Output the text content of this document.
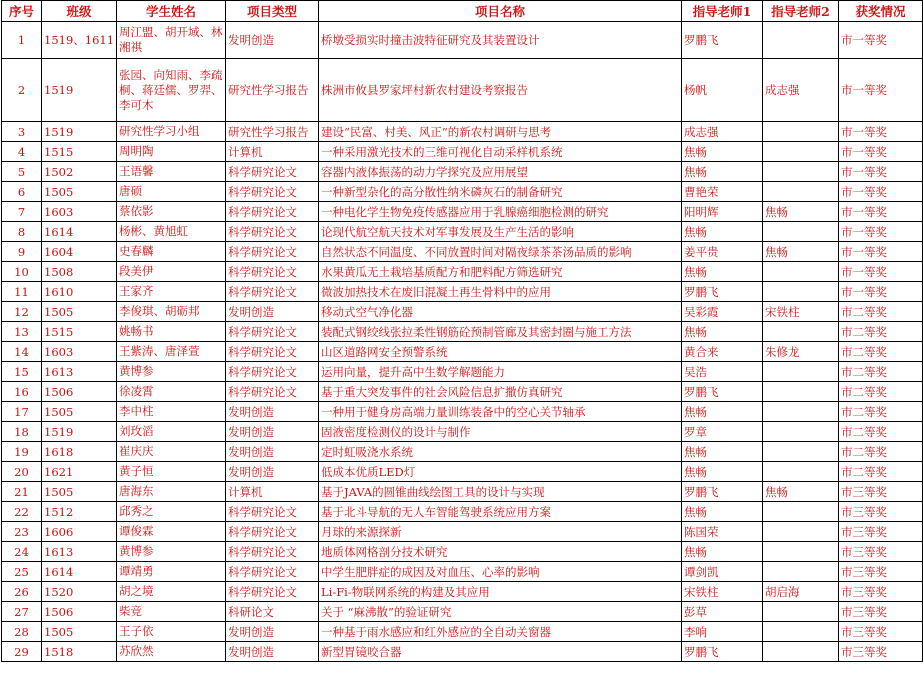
序号	班级	学生姓名	项目类型	项目名称	指导老师1	指导老师2	获奖情况
1	1519、1611	周江盟、胡开域、林湘祺	发明创造	桥墩受损实时撞击波特征研究及其装置设计	罗鹏飞		市一等奖
2	1519	张园、向知雨、李疏桐、蒋廷儒、罗羿、李可木	研究性学习报告	株洲市攸县罗家坪村新农村建设考察报告	杨帆	成志强	市一等奖
3	1519	研究性学习小组	研究性学习报告	建设“民富、村美、风正”的新农村调研与思考	成志强		市一等奖
4	1515	周明陶	计算机	一种采用激光技术的三维可视化自动采样机系统	焦畅		市一等奖
5	1502	王语馨	科学研究论文	容器内液体振荡的动力学探究及应用展望	焦畅		市一等奖
6	1505	唐硕	科学研究论文	一种新型杂化的高分散性纳米磷灰石的制备研究	曹艳荣		市一等奖
7	1603	蔡依影	科学研究论文	一种电化学生物免疫传感器应用于乳腺癌细胞检测的研究	阳明辉	焦畅	市一等奖
8	1614	杨彬、黄旭虹	科学研究论文	论现代航空航天技术对军事发展及生产生活的影响	焦畅		市一等奖
9	1604	史春麟	科学研究论文	自然状态不同温度、不同放置时间对隔夜绿茶茶汤品质的影响	姜平贵	焦畅	市一等奖
10	1508	段美伊	科学研究论文	水果黄瓜无土栽培基质配方和肥料配方筛选研究	焦畅		市一等奖
11	1610	王家齐	科学研究论文	微波加热技术在废旧混凝土再生骨料中的应用	罗鹏飞		市一等奖
12	1505	李俊琪、胡砺邦	发明创造	移动式空气净化器	吴彩霞	宋铁柱	市二等奖
13	1515	姚畅书	科学研究论文	装配式钢绞线张拉柔性钢筋砼预制管廊及其密封圈与施工方法	焦畅		市二等奖
14	1603	王紫涛、唐泽萱	科学研究论文	山区道路网安全预警系统	黄合来	朱修龙	市二等奖
15	1613	黄博参	科学研究论文	运用向量，提升高中生数学解题能力	吴浩		市二等奖
16	1506	徐凌霄	科学研究论文	基于重大突发事件的社会风险信息扩撒仿真研究	罗鹏飞		市二等奖
17	1505	李中柱	发明创造	一种用于健身房高端力量训练装备中的空心关节轴承	焦畅		市二等奖
18	1519	刘玫滔	发明创造	固液密度检测仪的设计与制作	罗章		市二等奖
19	1618	崔庆庆	发明创造	定时虹吸浇水系统	焦畅		市二等奖
20	1621	黄子恒	发明创造	低成本优质LED灯	焦畅		市二等奖
21	1505	唐海东	计算机	基于JAVA的圆锥曲线绘图工具的设计与实现	罗鹏飞	焦畅	市三等奖
22	1512	邱秀之	科学研究论文	基于北斗导航的无人车智能驾驶系统应用方案	焦畅		市三等奖
23	1606	谭俊霖	科学研究论文	月球的来源探新	陈国荣		市三等奖
24	1613	黄博参	科学研究论文	地质体网格剖分技术研究	焦畅		市三等奖
25	1614	谭靖勇	科学研究论文	中学生肥胖症的成因及对血压、心率的影响	谭剑凯		市三等奖
26	1520	胡之境	科学研究论文	Li-Fi-物联网系统的构建及其应用	宋铁柱	胡启海	市三等奖
27	1506	柴竞	科研论文	关于 “麻沸散”的验证研究	彭草		市三等奖
28	1505	王子依	发明创造	一种基于雨水感应和红外感应的全自动关窗器	李响		市三等奖
29	1518	苏欣然	发明创造	新型胃镜咬合器	罗鹏飞		市三等奖
